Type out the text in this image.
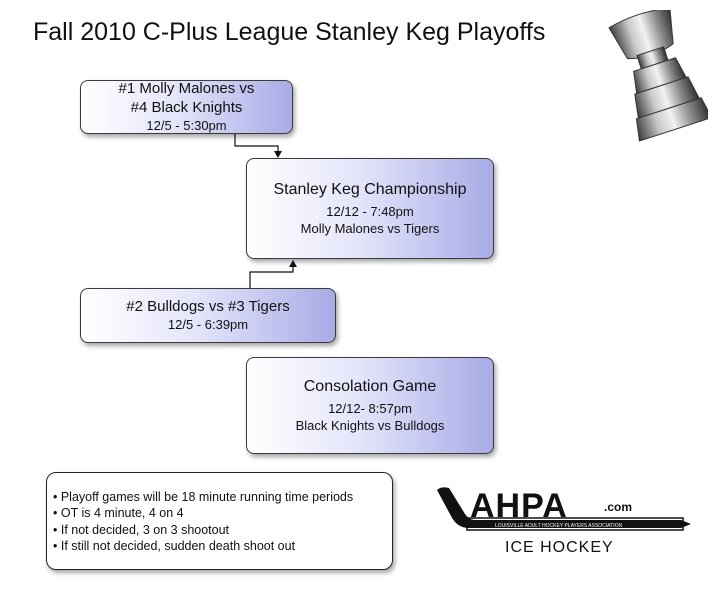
Fall 2010 C-Plus League Stanley Keg Playoffs
#1 Molly Malones vs
#4 Black Knights
12/5 - 5:30pm
Stanley Keg Championship
12/12 - 7:48pm
Molly Malones vs Tigers
#2 Bulldogs vs #3 Tigers
12/5 - 6:39pm
Consolation Game
12/12- 8:57pm
Black Knights vs Bulldogs
• Playoff games will be 18 minute running time periods
• OT is 4 minute, 4 on 4
• If not decided, 3 on 3 shootout
• If still not decided, sudden death shoot out
LOUISVILLE ADULT HOCKEY PLAYERS ASSOCIATION
AHPA	.com
ICE HOCKEY
